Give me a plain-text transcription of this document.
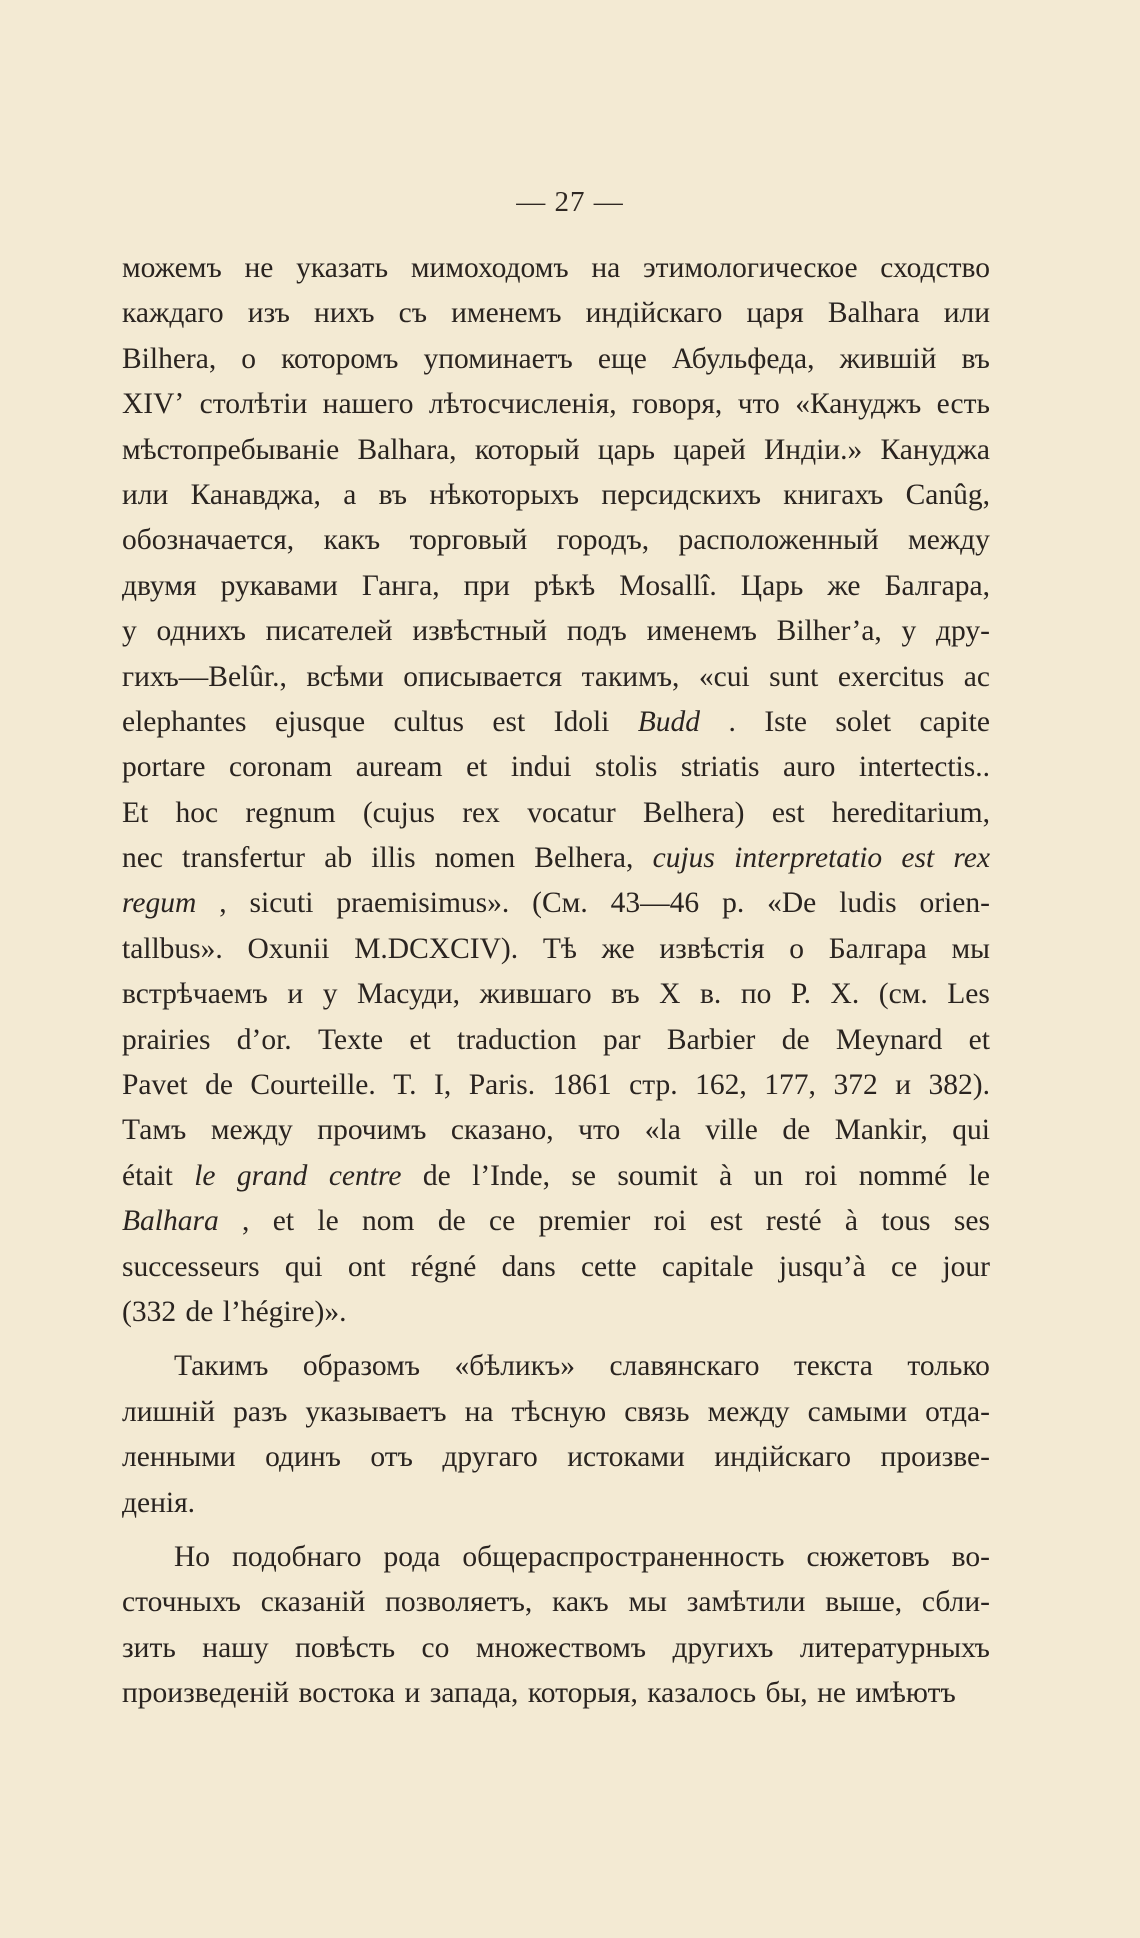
— 27 —
можемъ не указать мимоходомъ на этимологическое сходство
каждаго изъ нихъ съ именемъ индійскаго царя Balhara или
Bilhera, о которомъ упоминаетъ еще Абульфеда, жившій въ
XIVʼ столѣтіи нашего лѣтосчисленія, говоря, что «Кануджъ есть
мѣстопребываніе Balhara, который царь царей Индіи.» Кануджа
или Канавджа, а въ нѣкоторыхъ персидскихъ книгахъ Canûg,
обозначается, какъ торговый городъ, расположенный между
двумя рукавами Ганга, при рѣкѣ Mosallî. Царь же Балгара,
у однихъ писателей извѣстный подъ именемъ Bilher’a, у дру-
гихъ—Belûr., всѣми описывается такимъ, «cui sunt exercitus ac
elephantes ejusque cultus est Idoli Budd . Iste solet capite
portare coronam auream et indui stolis striatis auro intertectis..
Et hoc regnum (cujus rex vocatur Belhera) est hereditarium,
nec transfertur ab illis nomen Belhera, cujus interpretatio est rex
regum , sicuti praemisimus». (См. 43—46 р. «De ludis orien-
tallbus». Oxunii M.DCXCIV). Тѣ же извѣстія о Балгара мы
встрѣчаемъ и у Масуди, жившаго въ X в. по Р. X. (см. Les
prairies d’or. Texte et traduction par Barbier de Meynard et
Pavet de Courteille. T. I, Paris. 1861 стр. 162, 177, 372 и 382).
Тамъ между прочимъ сказано, что «la ville de Mankir, qui
était le grand centre de l’Inde, se soumit à un roi nommé le
Balhara , et le nom de ce premier roi est resté à tous ses
successeurs qui ont régné dans cette capitale jusqu’à ce jour
(332 de l’hégire)».
Такимъ образомъ «бѣликъ» славянскаго текста только
лишній разъ указываетъ на тѣсную связь между самыми отда-
ленными одинъ отъ другаго истоками индійскаго произве-
денія.
Но подобнаго рода общераспространенность сюжетовъ во-
сточныхъ сказаній позволяетъ, какъ мы замѣтили выше, сбли-
зить нашу повѣсть со множествомъ другихъ литературныхъ
произведеній востока и запада, которыя, казалось бы, не имѣютъ
